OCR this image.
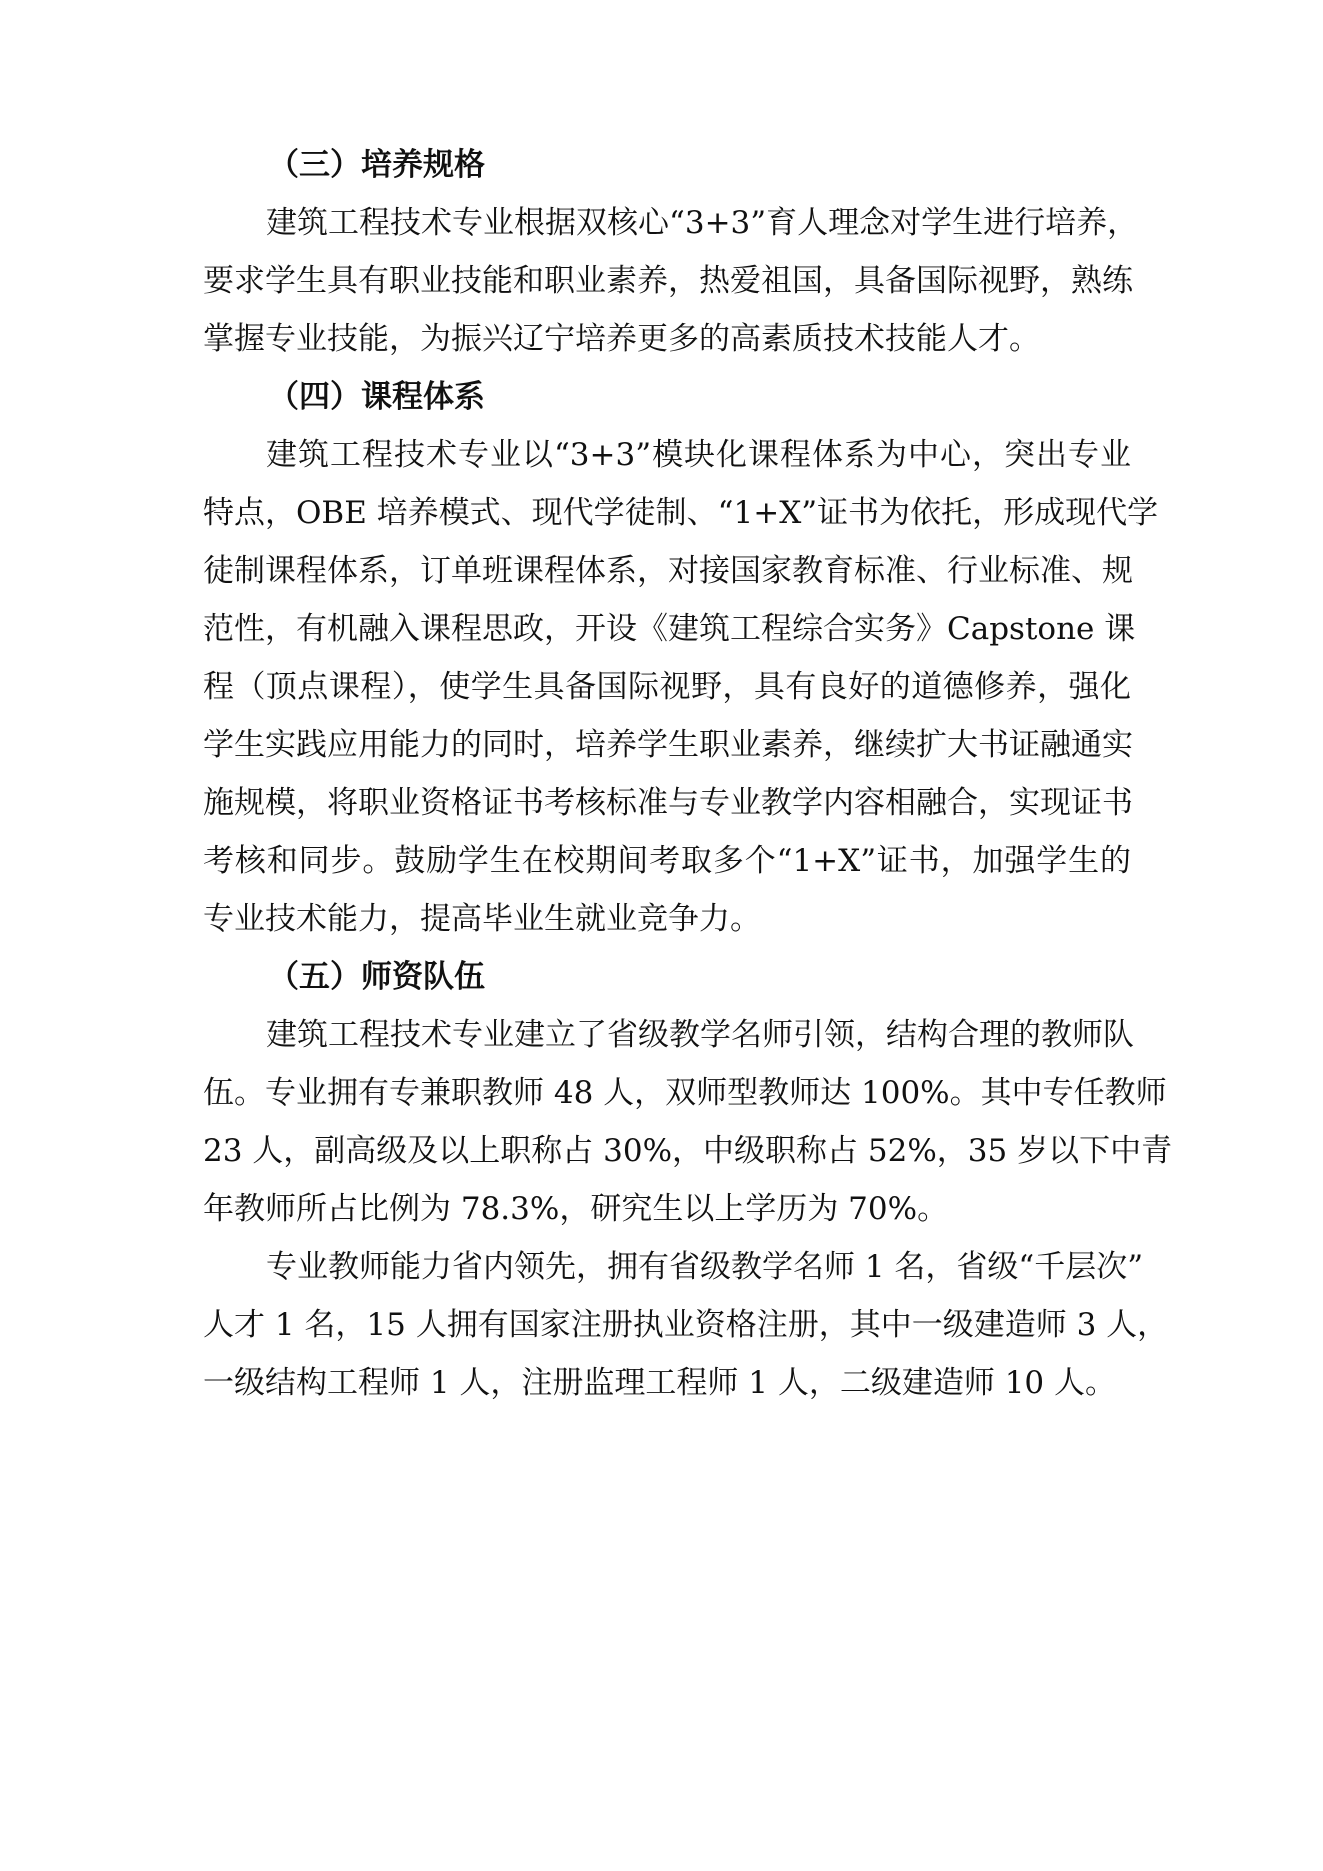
（三）培养规格
建筑工程技术专业根据双核心“3+3”育人理念对学生进行培养，
要求学生具有职业技能和职业素养，热爱祖国，具备国际视野，熟练
掌握专业技能，为振兴辽宁培养更多的高素质技术技能人才。
（四）课程体系
建筑工程技术专业以“3+3”模块化课程体系为中心，突出专业
特点，OBE 培养模式、现代学徒制、“1+X”证书为依托，形成现代学
徒制课程体系，订单班课程体系，对接国家教育标准、行业标准、规
范性，有机融入课程思政，开设《建筑工程综合实务》Capstone 课
程（顶点课程），使学生具备国际视野，具有良好的道德修养，强化
学生实践应用能力的同时，培养学生职业素养，继续扩大书证融通实
施规模，将职业资格证书考核标准与专业教学内容相融合，实现证书
考核和同步。鼓励学生在校期间考取多个“1+X”证书，加强学生的
专业技术能力，提高毕业生就业竞争力。
（五）师资队伍
建筑工程技术专业建立了省级教学名师引领，结构合理的教师队
伍。专业拥有专兼职教师 48 人，双师型教师达 100%。其中专任教师
23 人，副高级及以上职称占 30%，中级职称占 52%，35 岁以下中青
年教师所占比例为 78.3%，研究生以上学历为 70%。
专业教师能力省内领先，拥有省级教学名师 1 名，省级“千层次”
人才 1 名，15 人拥有国家注册执业资格注册，其中一级建造师 3 人，
一级结构工程师 1 人，注册监理工程师 1 人，二级建造师 10 人。
